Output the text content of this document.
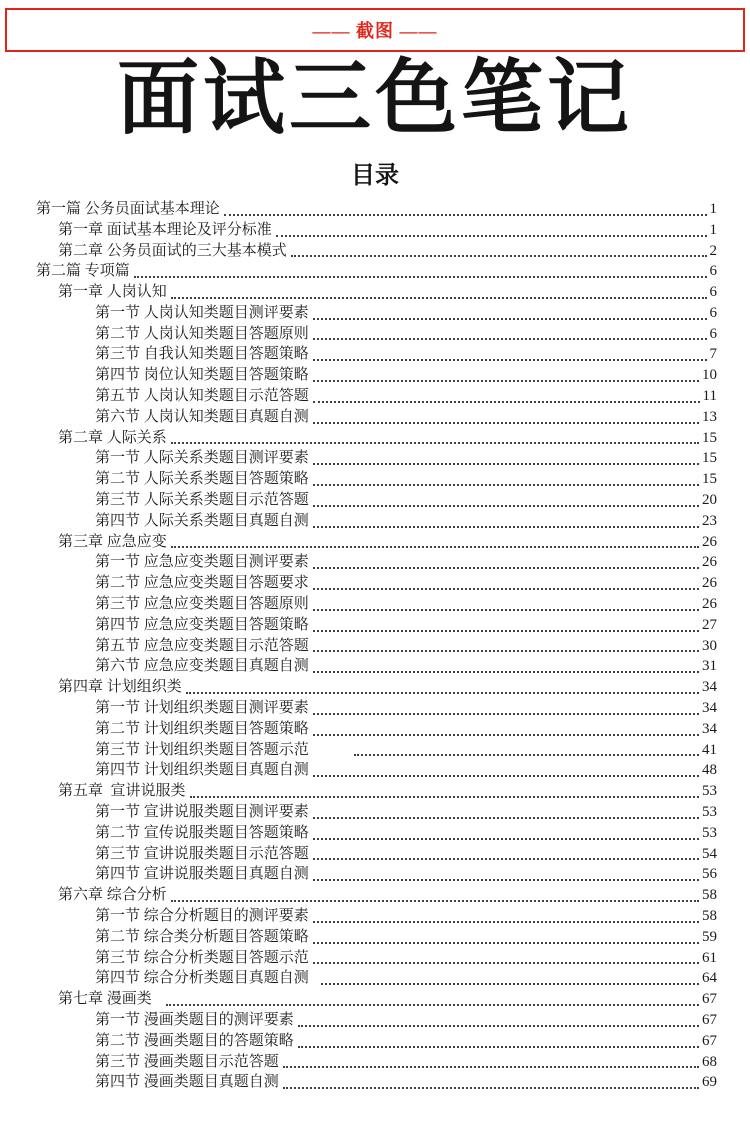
—— 截图 ——
面试三色笔记
目录
第一篇 公务员面试基本理论	1
第一章 面试基本理论及评分标准	1
第二章 公务员面试的三大基本模式	2
第二篇 专项篇	6
第一章 人岗认知	6
第一节 人岗认知类题目测评要素	6
第二节 人岗认知类题目答题原则	6
第三节 自我认知类题目答题策略	7
第四节 岗位认知类题目答题策略	10
第五节 人岗认知类题目示范答题	11
第六节 人岗认知类题目真题自测	13
第二章 人际关系	15
第一节 人际关系类题目测评要素	15
第二节 人际关系类题目答题策略	15
第三节 人际关系类题目示范答题	20
第四节 人际关系类题目真题自测	23
第三章 应急应变	26
第一节 应急应变类题目测评要素	26
第二节 应急应变类题目答题要求	26
第三节 应急应变类题目答题原则	26
第四节 应急应变类题目答题策略	27
第五节 应急应变类题目示范答题	30
第六节 应急应变类题目真题自测	31
第四章 计划组织类	34
第一节 计划组织类题目测评要素	34
第二节 计划组织类题目答题策略	34
第三节 计划组织类题目答题示范	41
第四节 计划组织类题目真题自测	48
第五章  宣讲说服类	53
第一节 宣讲说服类题目测评要素	53
第二节 宣传说服类题目答题策略	53
第三节 宣讲说服类题目示范答题	54
第四节 宣讲说服类题目真题自测	56
第六章 综合分析	58
第一节 综合分析题目的测评要素	58
第二节 综合类分析题目答题策略	59
第三节 综合分析类题目答题示范	61
第四节 综合分析类题目真题自测	64
第七章 漫画类	67
第一节 漫画类题目的测评要素	67
第二节 漫画类题目的答题策略	67
第三节 漫画类题目示范答题	68
第四节 漫画类题目真题自测	69
